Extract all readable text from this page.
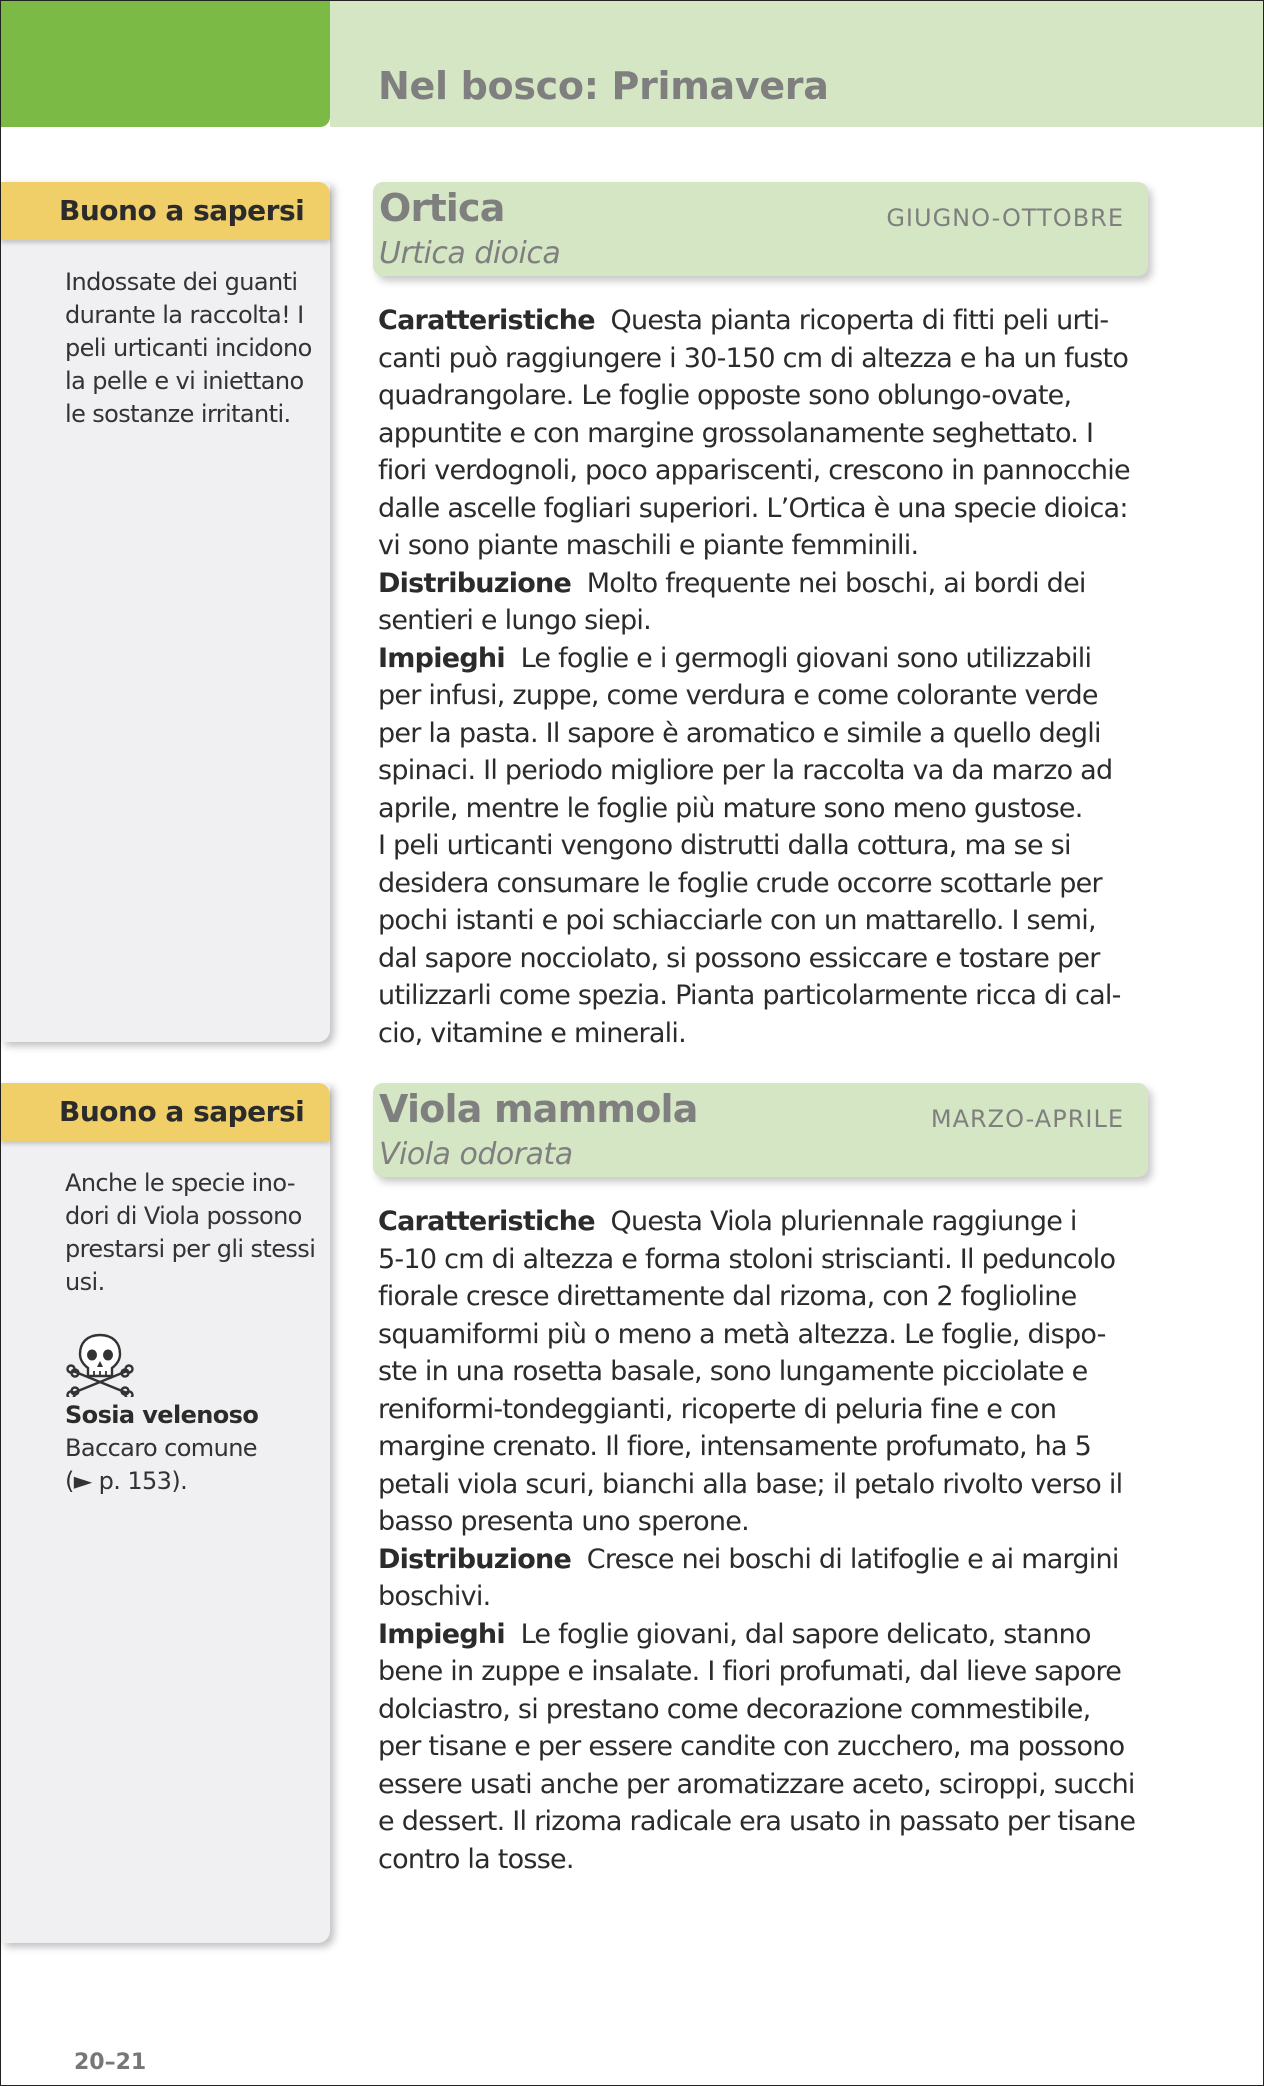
Nel bosco: Primavera
Buono a sapersi
Indossate dei guanti
durante la raccolta! I
peli urticanti incidono
la pelle e vi iniettano
le sostanze irritanti.
Buono a sapersi
Anche le specie ino-
dori di Viola possono
prestarsi per gli stessi
usi.
Sosia velenoso
Baccaro comune
(► p. 153).
Ortica
Urtica dioica
GIUGNO-OTTOBRE
Caratteristiche Questa pianta ricoperta di fitti peli urti-
canti può raggiungere i 30-150 cm di altezza e ha un fusto
quadrangolare. Le foglie opposte sono oblungo-ovate,
appuntite e con margine grossolanamente seghettato. I
fiori verdognoli, poco appariscenti, crescono in pannocchie
dalle ascelle fogliari superiori. L’Ortica è una specie dioica:
vi sono piante maschili e piante femminili.
Distribuzione Molto frequente nei boschi, ai bordi dei
sentieri e lungo siepi.
Impieghi Le foglie e i germogli giovani sono utilizzabili
per infusi, zuppe, come verdura e come colorante verde
per la pasta. Il sapore è aromatico e simile a quello degli
spinaci. Il periodo migliore per la raccolta va da marzo ad
aprile, mentre le foglie più mature sono meno gustose.
I peli urticanti vengono distrutti dalla cottura, ma se si
desidera consumare le foglie crude occorre scottarle per
pochi istanti e poi schiacciarle con un mattarello. I semi,
dal sapore nocciolato, si possono essiccare e tostare per
utilizzarli come spezia. Pianta particolarmente ricca di cal-
cio, vitamine e minerali.
Viola mammola
Viola odorata
MARZO-APRILE
Caratteristiche Questa Viola pluriennale raggiunge i
5-10 cm di altezza e forma stoloni striscianti. Il peduncolo
fiorale cresce direttamente dal rizoma, con 2 foglioline
squamiformi più o meno a metà altezza. Le foglie, dispo-
ste in una rosetta basale, sono lungamente picciolate e
reniformi-tondeggianti, ricoperte di peluria fine e con
margine crenato. Il fiore, intensamente profumato, ha 5
petali viola scuri, bianchi alla base; il petalo rivolto verso il
basso presenta uno sperone.
Distribuzione Cresce nei boschi di latifoglie e ai margini
boschivi.
Impieghi Le foglie giovani, dal sapore delicato, stanno
bene in zuppe e insalate. I fiori profumati, dal lieve sapore
dolciastro, si prestano come decorazione commestibile,
per tisane e per essere candite con zucchero, ma possono
essere usati anche per aromatizzare aceto, sciroppi, succhi
e dessert. Il rizoma radicale era usato in passato per tisane
contro la tosse.
20–21
